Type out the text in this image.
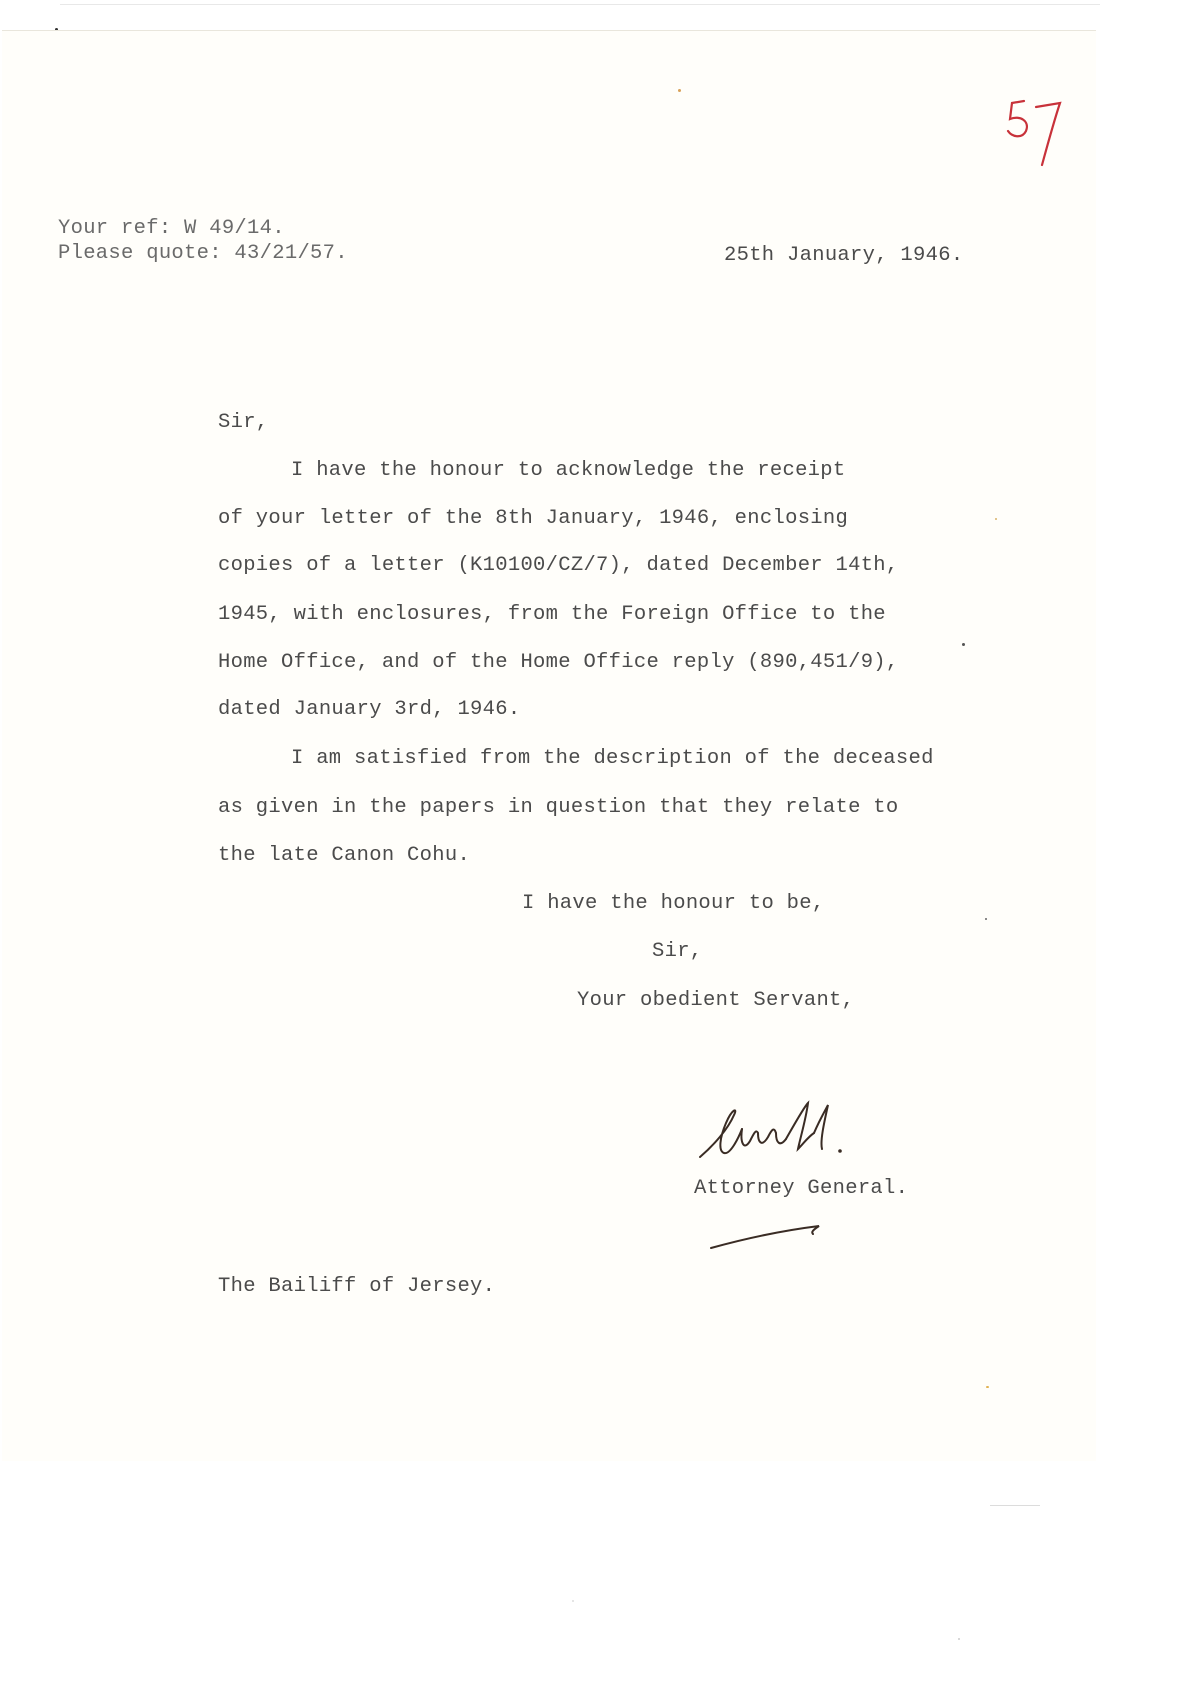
Your ref: W 49/14.
Please quote: 43/21/57.	25th January, 1946.
Sir,
I have the honour to acknowledge the receipt
of your letter of the 8th January, 1946, enclosing
copies of a letter (K10100/CZ/7), dated December 14th,
1945, with enclosures, from the Foreign Office to the
Home Office, and of the Home Office reply (890,451/9),
dated January 3rd, 1946.
I am satisfied from the description of the deceased
as given in the papers in question that they relate to
the late Canon Cohu.
I have the honour to be,
Sir,
Your obedient Servant,
Attorney General.
The Bailiff of Jersey.
